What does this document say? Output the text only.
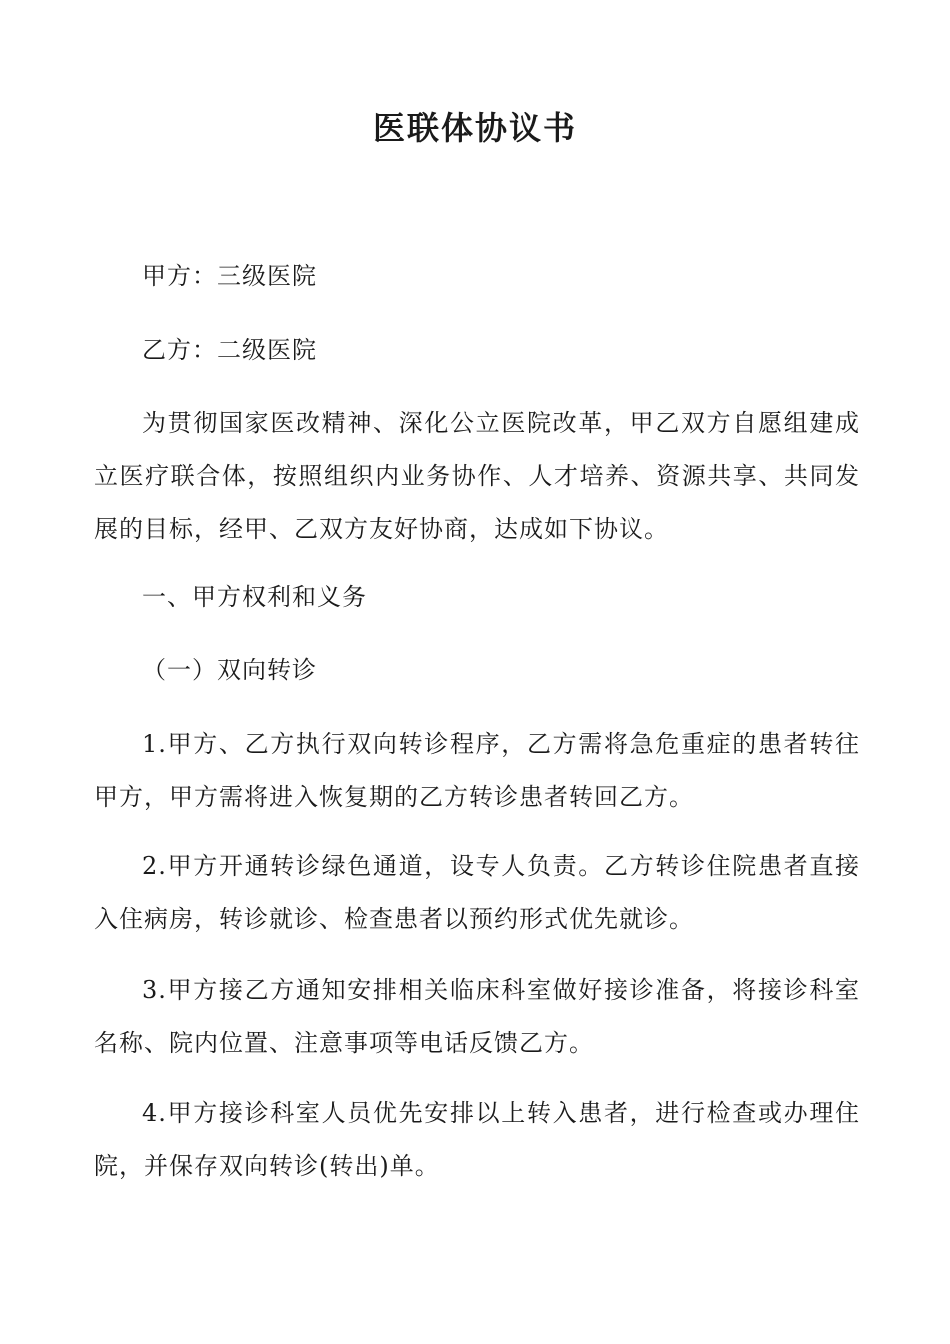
医联体协议书

甲方：三级医院

乙方：二级医院

为贯彻国家医改精神、深化公立医院改革，甲乙双方自愿组建成立医疗联合体，按照组织内业务协作、人才培养、资源共享、共同发展的目标，经甲、乙双方友好协商，达成如下协议。

一、甲方权利和义务

（一）双向转诊

1.甲方、乙方执行双向转诊程序，乙方需将急危重症的患者转往甲方，甲方需将进入恢复期的乙方转诊患者转回乙方。

2.甲方开通转诊绿色通道，设专人负责。乙方转诊住院患者直接入住病房，转诊就诊、检查患者以预约形式优先就诊。

3.甲方接乙方通知安排相关临床科室做好接诊准备，将接诊科室名称、院内位置、注意事项等电话反馈乙方。

4.甲方接诊科室人员优先安排以上转入患者，进行检查或办理住院，并保存双向转诊(转出)单。
